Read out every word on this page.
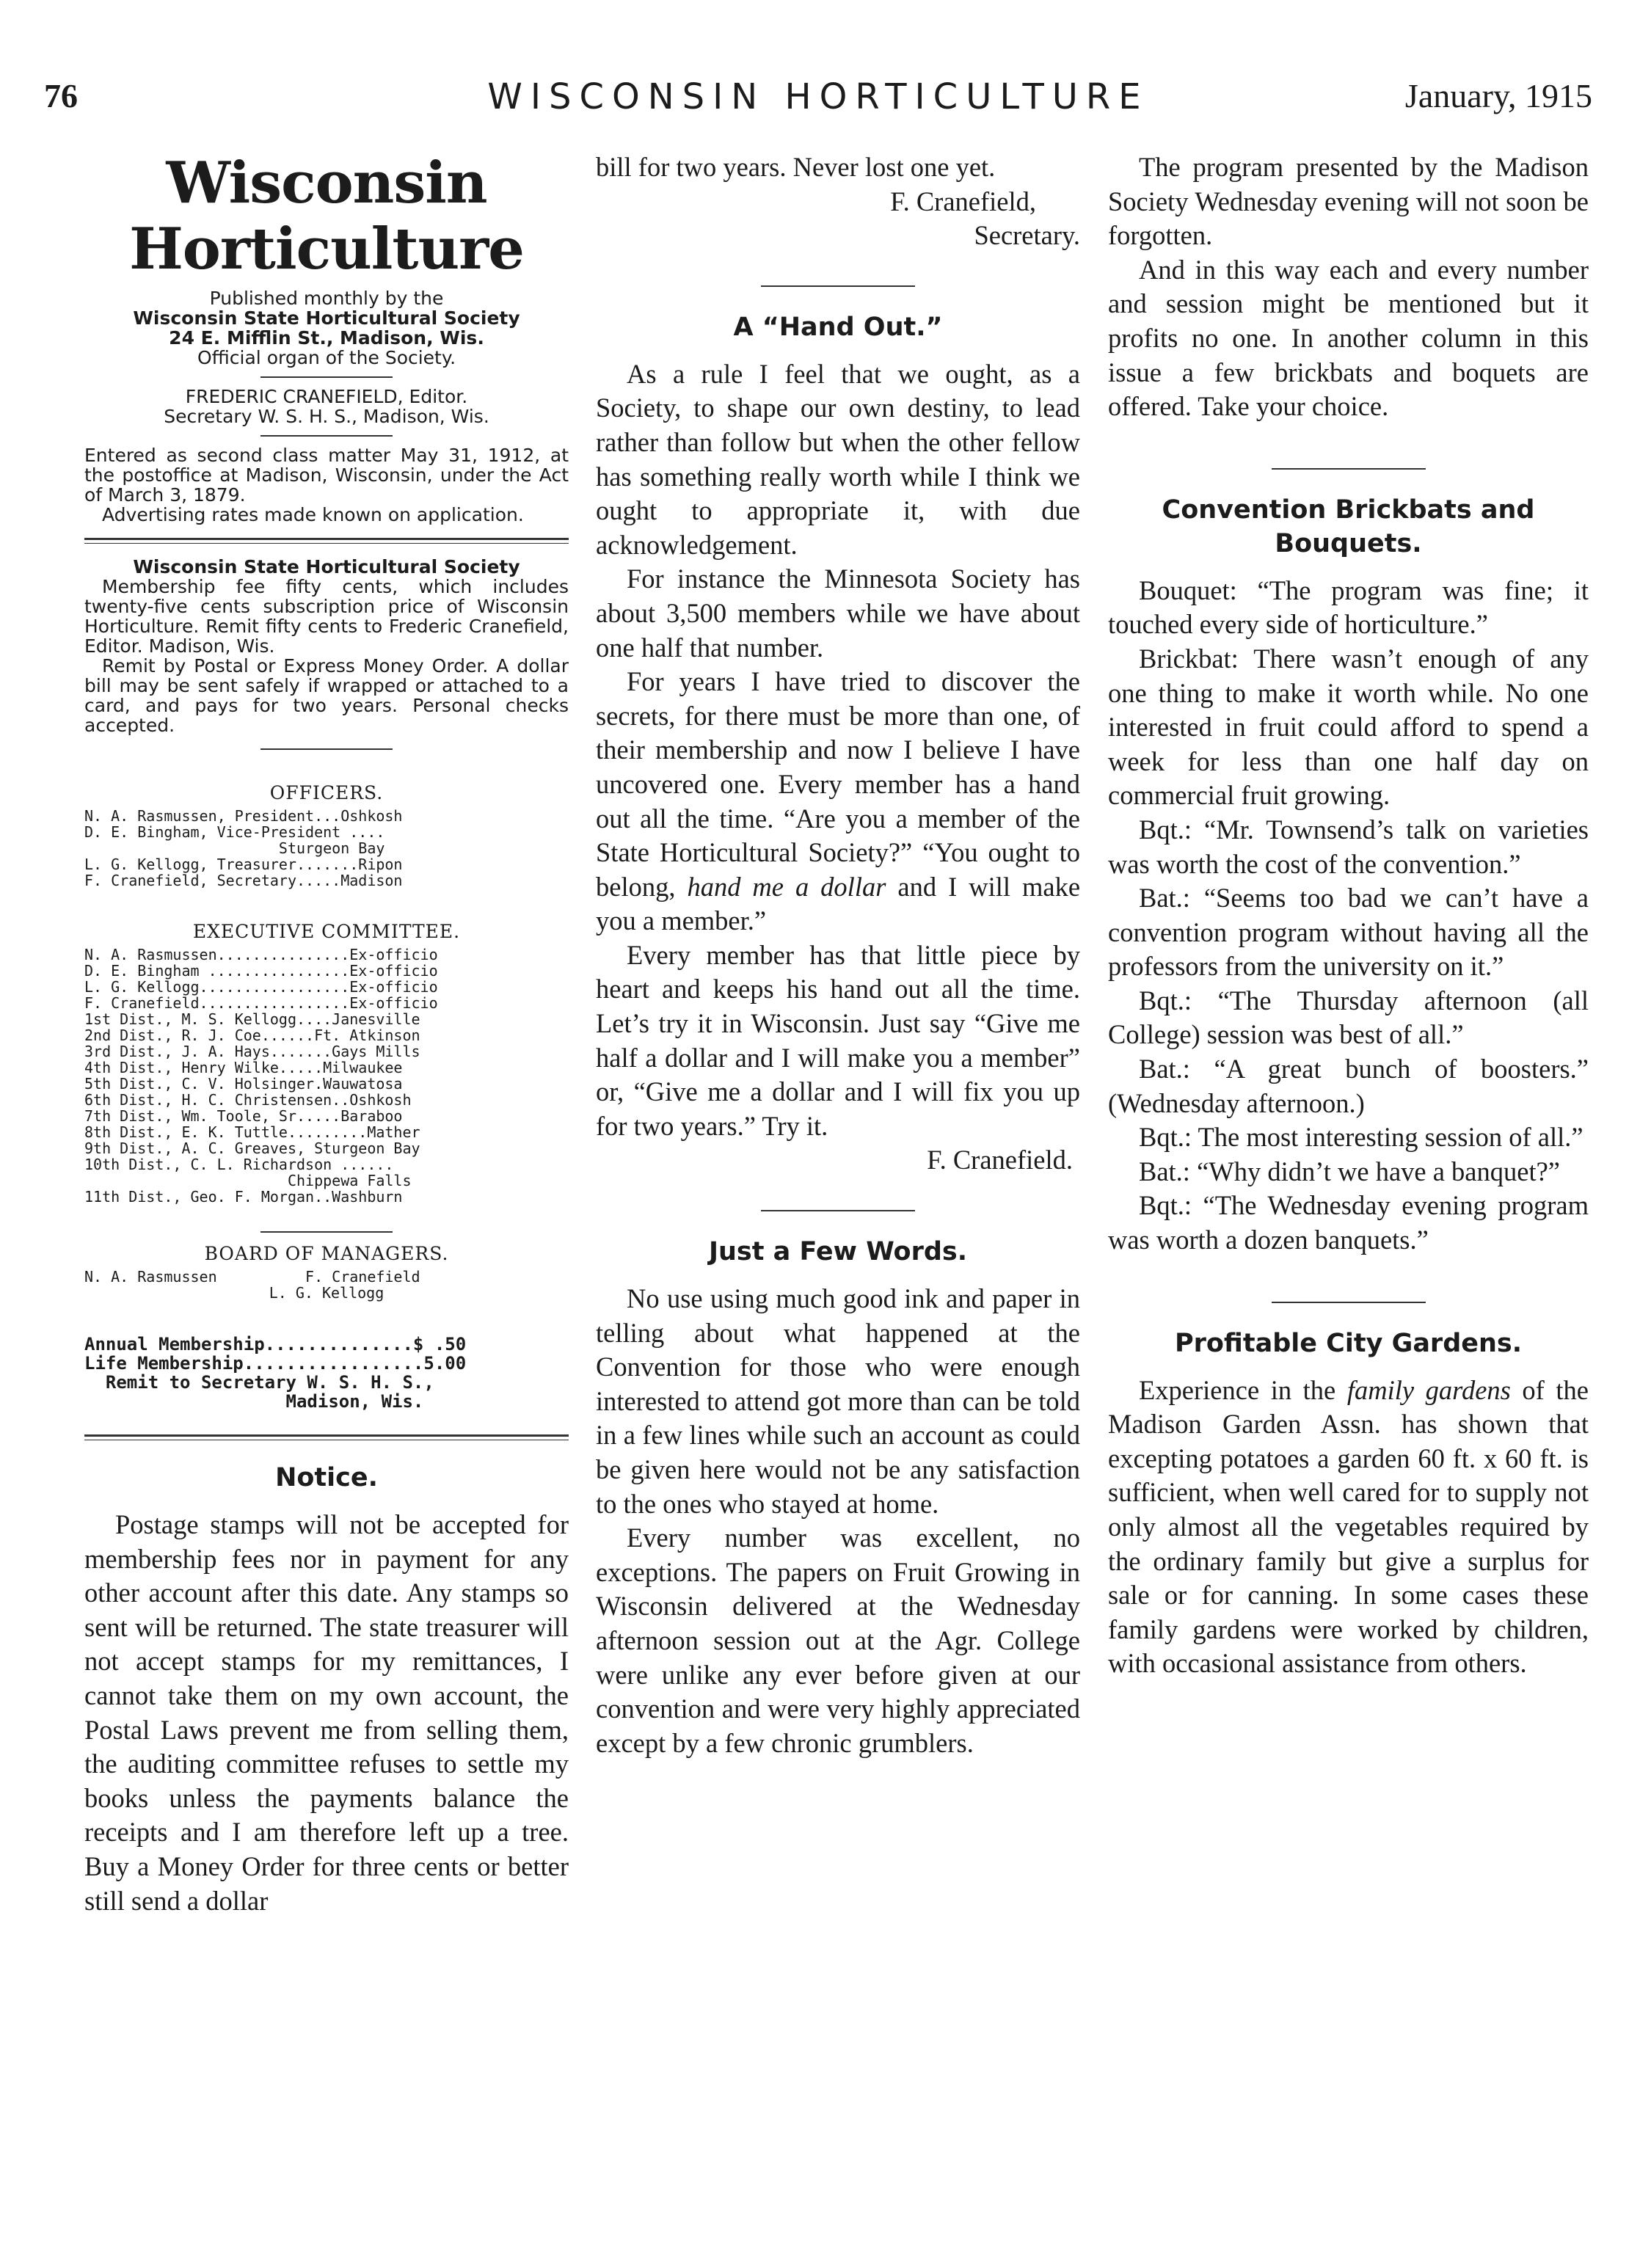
76	WISCONSIN HORTICULTURE	January, 1915
Wisconsin Horticulture
Published monthly by the
Wisconsin State Horticultural Society
24 E. Mifflin St., Madison, Wis.
Official organ of the Society.
FREDERIC CRANEFIELD, Editor.
Secretary W. S. H. S., Madison, Wis.
Entered as second class matter May 31, 1912, at the postoffice at Madison, Wisconsin, under the Act of March 3, 1879.
Advertising rates made known on application.
Wisconsin State Horticultural Society
Membership fee fifty cents, which includes twenty-five cents subscription price of Wisconsin Horticulture. Remit fifty cents to Frederic Cranefield, Editor. Madison, Wis.
Remit by Postal or Express Money Order. A dollar bill may be sent safely if wrapped or attached to a card, and pays for two years. Personal checks accepted.
OFFICERS.
N. A. Rasmussen, President...Oshkosh
D. E. Bingham, Vice-President ....
Sturgeon Bay
L. G. Kellogg, Treasurer.......Ripon
F. Cranefield, Secretary.....Madison
EXECUTIVE COMMITTEE.
N. A. Rasmussen...............Ex-officio
D. E. Bingham ................Ex-officio
L. G. Kellogg.................Ex-officio
F. Cranefield.................Ex-officio
1st Dist., M. S. Kellogg....Janesville
2nd Dist., R. J. Coe......Ft. Atkinson
3rd Dist., J. A. Hays.......Gays Mills
4th Dist., Henry Wilke.....Milwaukee
5th Dist., C. V. Holsinger.Wauwatosa
6th Dist., H. C. Christensen..Oshkosh
7th Dist., Wm. Toole, Sr.....Baraboo
8th Dist., E. K. Tuttle.........Mather
9th Dist., A. C. Greaves, Sturgeon Bay
10th Dist., C. L. Richardson ......
Chippewa Falls
11th Dist., Geo. F. Morgan..Washburn
BOARD OF MANAGERS.
N. A. Rasmussen          F. Cranefield
L. G. Kellogg
Annual Membership..............$ .50
Life Membership.................5.00
Remit to Secretary W. S. H. S.,
Madison, Wis.
Notice.

Postage stamps will not be accepted for membership fees nor in payment for any other account after this date. Any stamps so sent will be returned. The state treasurer will not accept stamps for my remittances, I cannot take them on my own account, the Postal Laws prevent me from selling them, the auditing committee refuses to settle my books unless the payments balance the receipts and I am therefore left up a tree. Buy a Money Order for three cents or better still send a dollar

bill for two years. Never lost one yet.

F. Cranefield,

Secretary.

A “Hand Out.”

As a rule I feel that we ought, as a Society, to shape our own destiny, to lead rather than follow but when the other fellow has something really worth while I think we ought to appropriate it, with due acknowledgement.

For instance the Minnesota Society has about 3,500 members while we have about one half that number.

For years I have tried to discover the secrets, for there must be more than one, of their membership and now I believe I have uncovered one. Every member has a hand out all the time. “Are you a member of the State Horticultural Society?” “You ought to belong, hand me a dollar and I will make you a member.”

Every member has that little piece by heart and keeps his hand out all the time. Let’s try it in Wisconsin. Just say “Give me half a dollar and I will make you a member” or, “Give me a dollar and I will fix you up for two years.” Try it.

F. Cranefield.

Just a Few Words.

No use using much good ink and paper in telling about what happened at the Convention for those who were enough interested to attend got more than can be told in a few lines while such an account as could be given here would not be any satisfaction to the ones who stayed at home.

Every number was excellent, no exceptions. The papers on Fruit Growing in Wisconsin delivered at the Wednesday afternoon session out at the Agr. College were unlike any ever before given at our convention and were very highly appreciated except by a few chronic grumblers.

The program presented by the Madison Society Wednesday evening will not soon be forgotten.

And in this way each and every number and session might be mentioned but it profits no one. In another column in this issue a few brickbats and boquets are offered. Take your choice.

Convention Brickbats and Bouquets.

Bouquet: “The program was fine; it touched every side of horticulture.”

Brickbat: There wasn’t enough of any one thing to make it worth while. No one interested in fruit could afford to spend a week for less than one half day on commercial fruit growing.

Bqt.: “Mr. Townsend’s talk on varieties was worth the cost of the convention.”

Bat.: “Seems too bad we can’t have a convention program without having all the professors from the university on it.”

Bqt.: “The Thursday afternoon (all College) session was best of all.”

Bat.: “A great bunch of boosters.” (Wednesday afternoon.)

Bqt.: The most interesting session of all.”

Bat.: “Why didn’t we have a banquet?”

Bqt.: “The Wednesday evening program was worth a dozen banquets.”

Profitable City Gardens.

Experience in the family gardens of the Madison Garden Assn. has shown that excepting potatoes a garden 60 ft. x 60 ft. is sufficient, when well cared for to supply not only almost all the vegetables required by the ordinary family but give a surplus for sale or for canning. In some cases these family gardens were worked by children, with occasional assistance from others.
